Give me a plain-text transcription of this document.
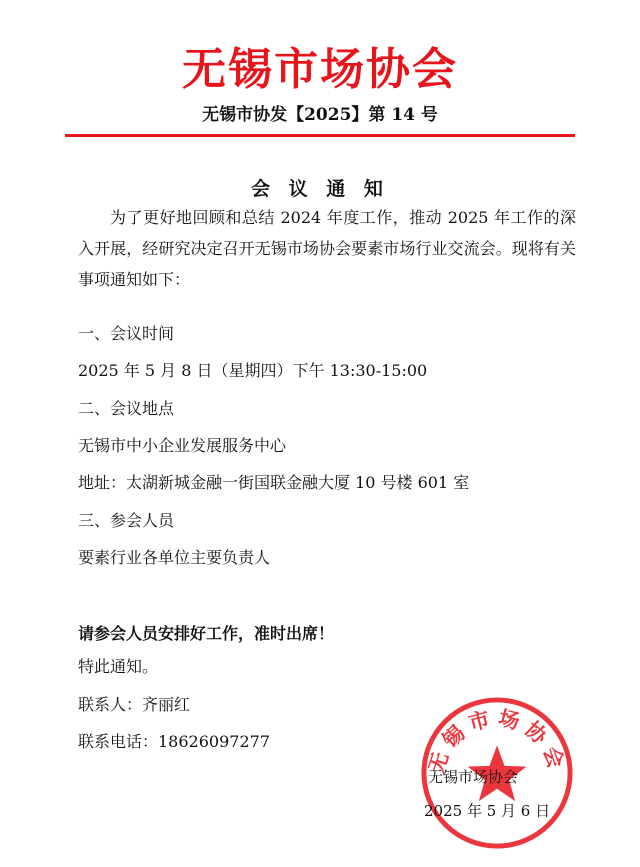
无锡市场协会
无锡市协发【2025】第 14 号
会 议 通 知
为了更好地回顾和总结 2024 年度工作，推动 2025 年工作的深入开展，经研究决定召开无锡市场协会要素市场行业交流会。现将有关事项通知如下：
一、会议时间
2025 年 5 月 8 日（星期四）下午 13:30-15:00
二、会议地点
无锡市中小企业发展服务中心
地址：太湖新城金融一街国联金融大厦 10 号楼 601 室
三、参会人员
要素行业各单位主要负责人
请参会人员安排好工作，准时出席！
特此通知。
联系人：齐丽红
联系电话：18626097277
无锡市场协会
无锡市场协会
2025 年 5 月 6 日
